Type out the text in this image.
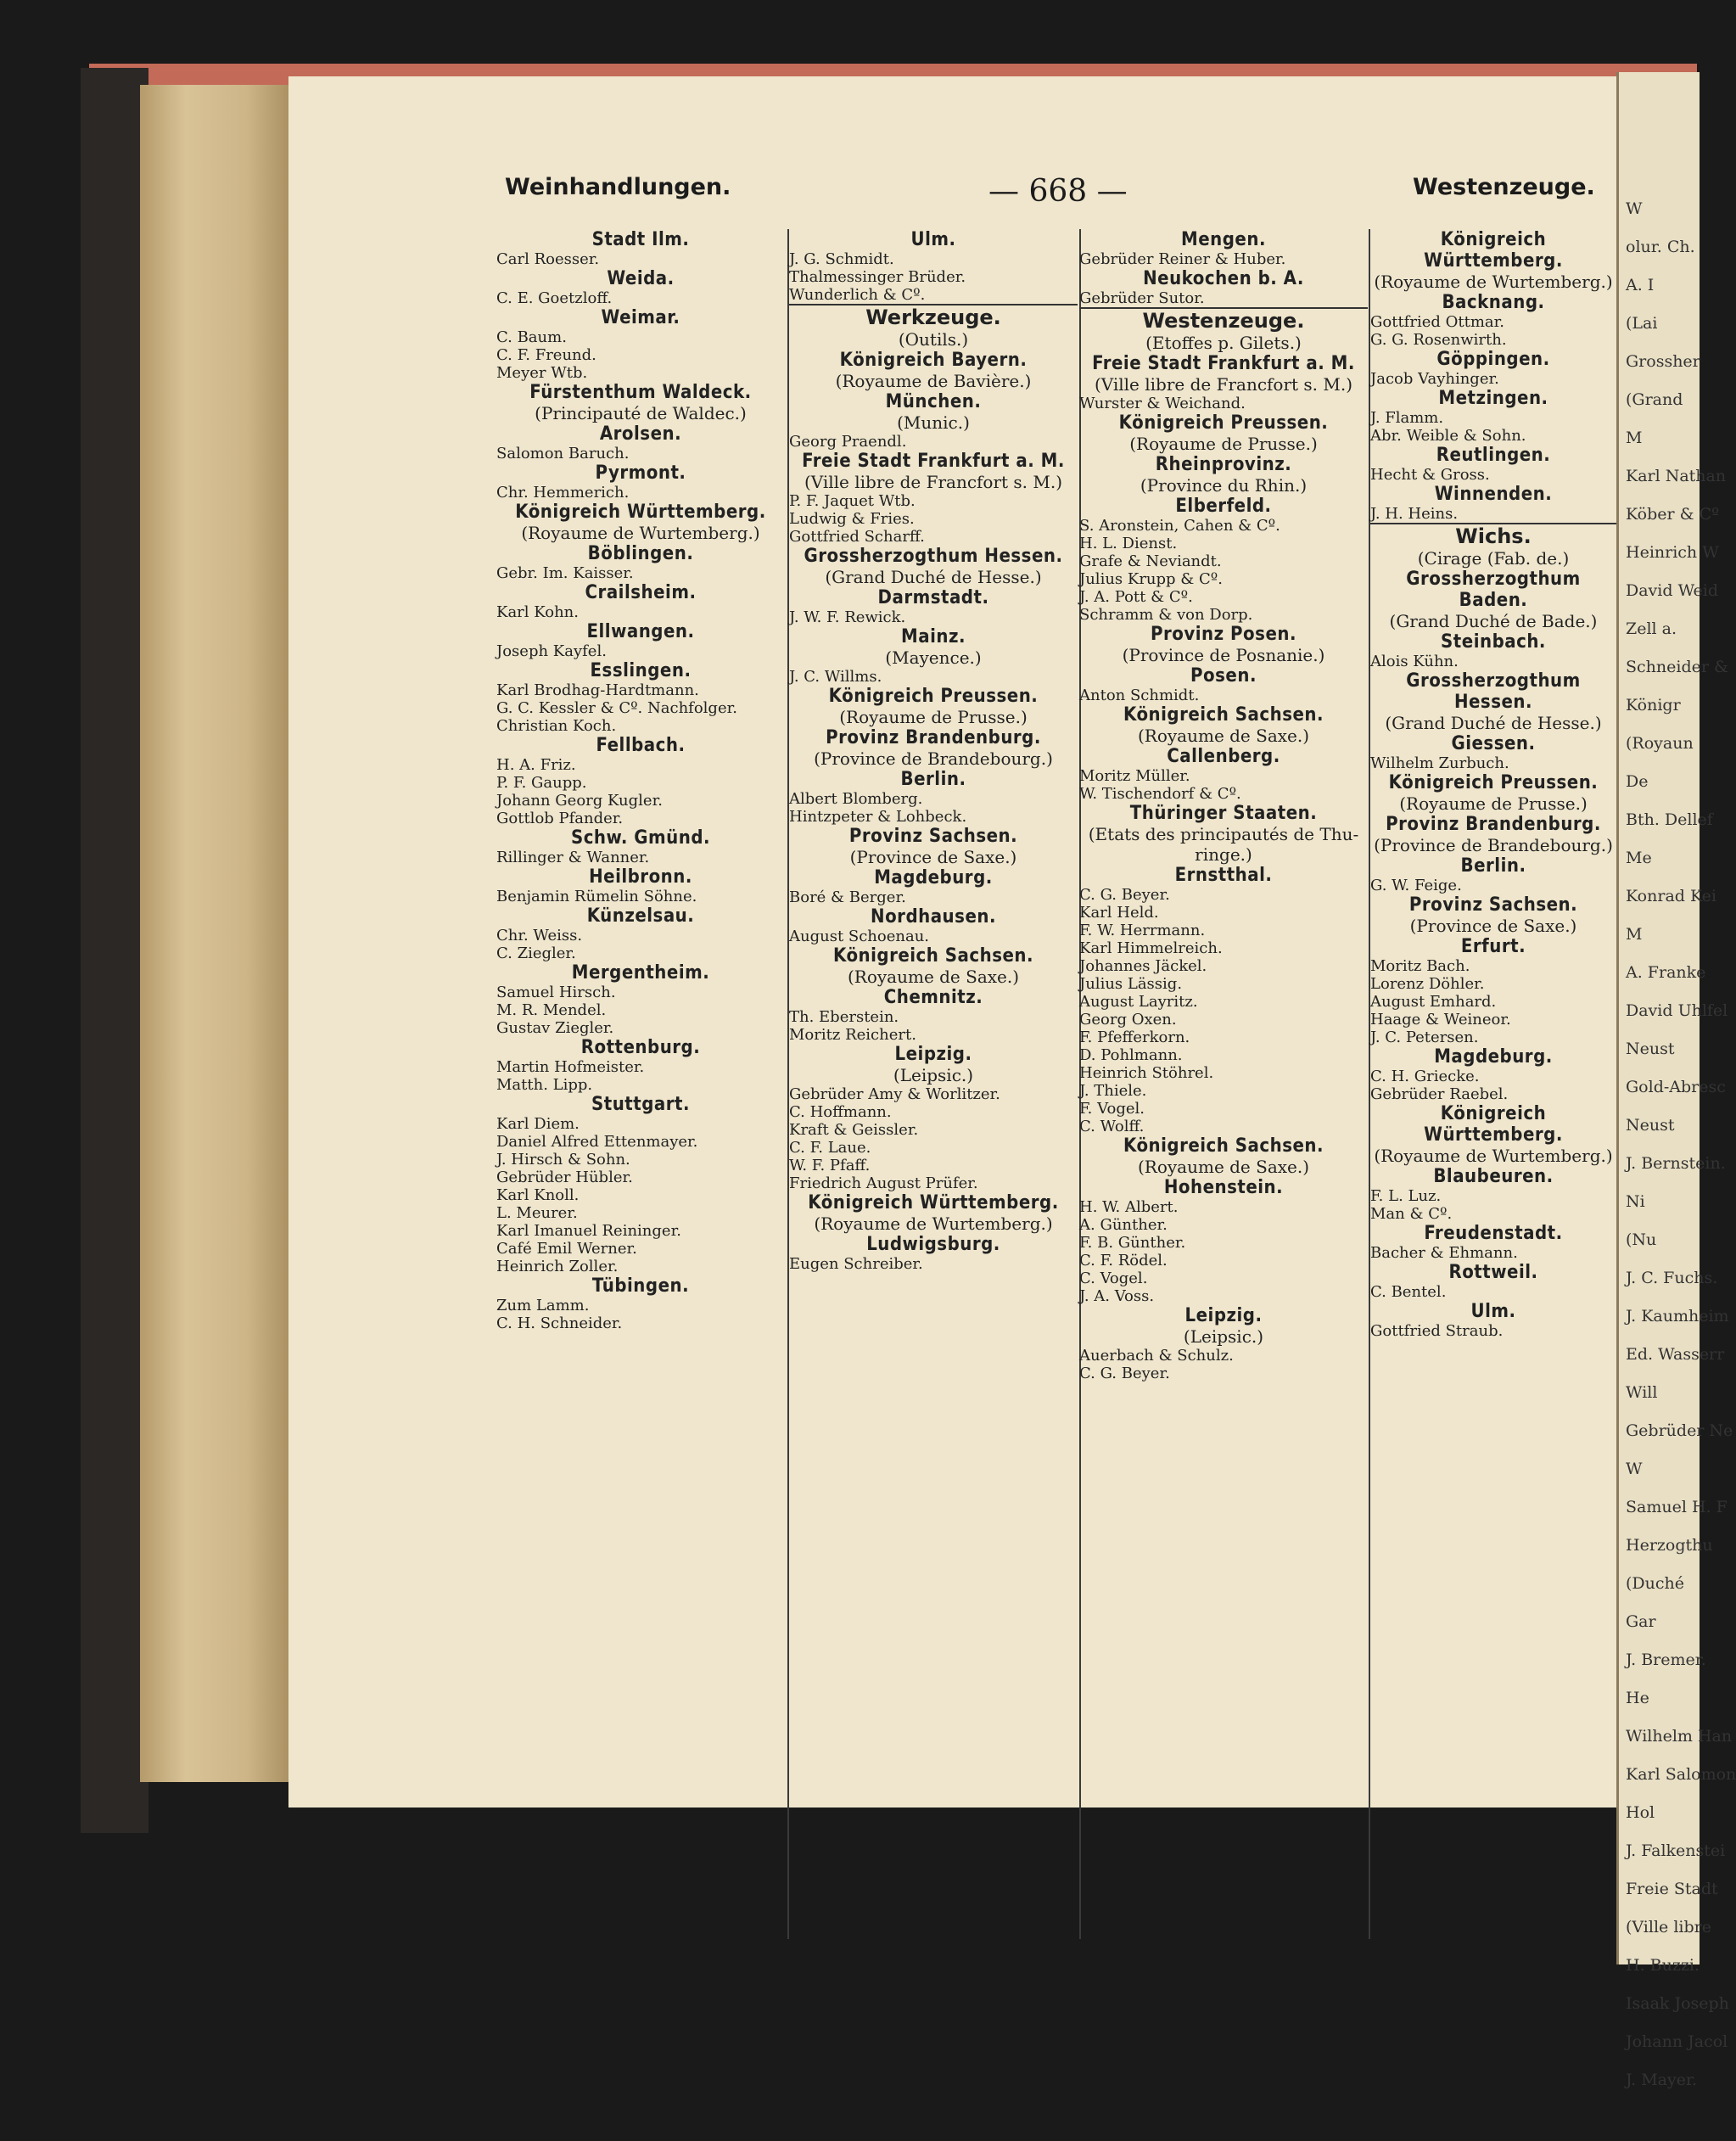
Weinhandlungen.	— 668 —	Westenzeuge.
Stadt Ilm.
Carl Roesser.
Weida.
C. E. Goetzloff.
Weimar.
C. Baum.
C. F. Freund.
Meyer Wtb.
Fürstenthum Waldeck.
(Principauté de Waldec.)
Arolsen.
Salomon Baruch.
Pyrmont.
Chr. Hemmerich.
Königreich Württemberg.
(Royaume de Wurtemberg.)
Böblingen.
Gebr. Im. Kaisser.
Crailsheim.
Karl Kohn.
Ellwangen.
Joseph Kayfel.
Esslingen.
Karl Brodhag-Hardtmann.
G. C. Kessler & Cº. Nachfolger.
Christian Koch.
Fellbach.
H. A. Friz.
P. F. Gaupp.
Johann Georg Kugler.
Gottlob Pfander.
Schw. Gmünd.
Rillinger & Wanner.
Heilbronn.
Benjamin Rümelin Söhne.
Künzelsau.
Chr. Weiss.
C. Ziegler.
Mergentheim.
Samuel Hirsch.
M. R. Mendel.
Gustav Ziegler.
Rottenburg.
Martin Hofmeister.
Matth. Lipp.
Stuttgart.
Karl Diem.
Daniel Alfred Ettenmayer.
J. Hirsch & Sohn.
Gebrüder Hübler.
Karl Knoll.
L. Meurer.
Karl Imanuel Reininger.
Café Emil Werner.
Heinrich Zoller.
Tübingen.
Zum Lamm.
C. H. Schneider.
Ulm.
J. G. Schmidt.
Thalmessinger Brüder.
Wunderlich & Cº.
Werkzeuge.
(Outils.)
Königreich Bayern.
(Royaume de Bavière.)
München.
(Munic.)
Georg Praendl.
Freie Stadt Frankfurt a. M.
(Ville libre de Francfort s. M.)
P. F. Jaquet Wtb.
Ludwig & Fries.
Gottfried Scharff.
Grossherzogthum Hessen.
(Grand Duché de Hesse.)
Darmstadt.
J. W. F. Rewick.
Mainz.
(Mayence.)
J. C. Willms.
Königreich Preussen.
(Royaume de Prusse.)
Provinz Brandenburg.
(Province de Brandebourg.)
Berlin.
Albert Blomberg.
Hintzpeter & Lohbeck.
Provinz Sachsen.
(Province de Saxe.)
Magdeburg.
Boré & Berger.
Nordhausen.
August Schoenau.
Königreich Sachsen.
(Royaume de Saxe.)
Chemnitz.
Th. Eberstein.
Moritz Reichert.
Leipzig.
(Leipsic.)
Gebrüder Amy & Worlitzer.
C. Hoffmann.
Kraft & Geissler.
C. F. Laue.
W. F. Pfaff.
Friedrich August Prüfer.
Königreich Württemberg.
(Royaume de Wurtemberg.)
Ludwigsburg.
Eugen Schreiber.
Mengen.
Gebrüder Reiner & Huber.
Neukochen b. A.
Gebrüder Sutor.
Westenzeuge.
(Etoffes p. Gilets.)
Freie Stadt Frankfurt a. M.
(Ville libre de Francfort s. M.)
Wurster & Weichand.
Königreich Preussen.
(Royaume de Prusse.)
Rheinprovinz.
(Province du Rhin.)
Elberfeld.
S. Aronstein, Cahen & Cº.
H. L. Dienst.
Grafe & Neviandt.
Julius Krupp & Cº.
J. A. Pott & Cº.
Schramm & von Dorp.
Provinz Posen.
(Province de Posnanie.)
Posen.
Anton Schmidt.
Königreich Sachsen.
(Royaume de Saxe.)
Callenberg.
Moritz Müller.
W. Tischendorf & Cº.
Thüringer Staaten.
(Etats des principautés de Thu-
ringe.)
Ernstthal.
C. G. Beyer.
Karl Held.
F. W. Herrmann.
Karl Himmelreich.
Johannes Jäckel.
Julius Lässig.
August Layritz.
Georg Oxen.
F. Pfefferkorn.
D. Pohlmann.
Heinrich Stöhrel.
J. Thiele.
F. Vogel.
C. Wolff.
Königreich Sachsen.
(Royaume de Saxe.)
Hohenstein.
H. W. Albert.
A. Günther.
F. B. Günther.
C. F. Rödel.
C. Vogel.
J. A. Voss.
Leipzig.
(Leipsic.)
Auerbach & Schulz.
C. G. Beyer.
Königreich Württemberg.
(Royaume de Wurtemberg.)
Backnang.
Gottfried Ottmar.
G. G. Rosenwirth.
Göppingen.
Jacob Vayhinger.
Metzingen.
J. Flamm.
Abr. Weible & Sohn.
Reutlingen.
Hecht & Gross.
Winnenden.
J. H. Heins.
Wichs.
(Cirage (Fab. de.)
Grossherzogthum Baden.
(Grand Duché de Bade.)
Steinbach.
Alois Kühn.
Grossherzogthum Hessen.
(Grand Duché de Hesse.)
Giessen.
Wilhelm Zurbuch.
Königreich Preussen.
(Royaume de Prusse.)
Provinz Brandenburg.
(Province de Brandebourg.)
Berlin.
G. W. Feige.
Provinz Sachsen.
(Province de Saxe.)
Erfurt.
Moritz Bach.
Lorenz Döhler.
August Emhard.
Haage & Weineor.
J. C. Petersen.
Magdeburg.
C. H. Griecke.
Gebrüder Raebel.
Königreich Württemberg.
(Royaume de Wurtemberg.)
Blaubeuren.
F. L. Luz.
Man & Cº.
Freudenstadt.
Bacher & Ehmann.
Rottweil.
C. Bentel.
Ulm.
Gottfried Straub.
W
olur. Ch.
A. I
(Lai
Grossher
(Grand
M
Karl Nathan
Köber & Cº
Heinrich W
David Weid
Zell a.
Schneider &
Königr
(Royaun
De
Bth. Dellef
Me
Konrad Kei
M
A. Franke
David Uhlfel
Neust
Gold-Abresc
Neust
J. Bernstein.
Ni
(Nu
J. C. Fuchs.
J. Kaumheim
Ed. Wasserr
Will
Gebrüder Ne
W
Samuel H. F
Herzogthu
(Duché
Gar
J. Bremer.
He
Wilhelm Han
Karl Salomon
Hol
J. Falkenstei
Freie Stadt
(Ville libre
H. Buzzi.
Isaak Joseph
Johann Jacol
J. Mayer.
